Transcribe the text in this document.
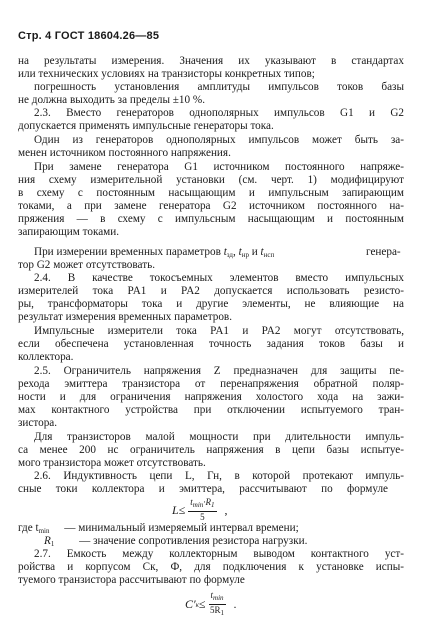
Стр. 4 ГОСТ 18604.26—85
на результаты измерения. Значения их указывают в стандартах
или технических условиях на транзисторы конкретных типов;
погрешность установления амплитуды импульсов токов базы
не должна выходить за пределы ±10 %.
2.3. Вместо генераторов однополярных импульсов G1 и G2
допускается применять импульсные генераторы тока.
Один из генераторов однополярных импульсов может быть за-
менен источником постоянного напряжения.
При замене генератора G1 источником постоянного напряже-
ния схему измерительной установки (см. черт. 1) модифицируют
в схему с постоянным насыщающим и импульсным запирающим
токами, а при замене генератора G2 источником постоянного на-
пряжения — в схему с импульсным насыщающим и постоянным
запирающим токами.
генера-
тор G2 может отсутствовать.
2.4. В качестве токосъемных элементов вместо импульсных
измерителей тока PA1 и PA2 допускается использовать резисто-
ры, трансформаторы тока и другие элементы, не влияющие на
результат измерения временных параметров.
Импульсные измерители тока PA1 и PA2 могут отсутствовать,
если обеспечена установленная точность задания токов базы и
коллектора.
2.5. Ограничитель напряжения Z предназначен для защиты пе-
рехода эмиттера транзистора от перенапряжения обратной поляр-
ности и для ограничения напряжения холостого хода на зажи-
мах контактного устройства при отключении испытуемого тран-
зистора.
Для транзисторов малой мощности при длительности импуль-
са менее 200 нс ограничитель напряжения в цепи базы испытуе-
мого транзистора может отсутствовать.
2.6. Индуктивность цепи L, Гн, в которой протекают импуль-
сные токи коллектора и эмиттера, рассчитывают по формуле
2.7. Емкость между коллекторным выводом контактного уст-
ройства и корпусом Cк, Ф, для подключения к установке испы-
туемого транзистора рассчитывают по формуле
При измерении временных параметров $t_{зд}$, $t_{нр}$ и $t_{нсп}$
$L\le \frac{t_{min}\cdot R_1}{5}$ ,
где $t_{min}$ — минимальный измеряемый интервал времени;
$R_1$ — значение сопротивления резистора нагрузки.
C′ $к \le \frac{t_{min}}{5R_1}$ .
